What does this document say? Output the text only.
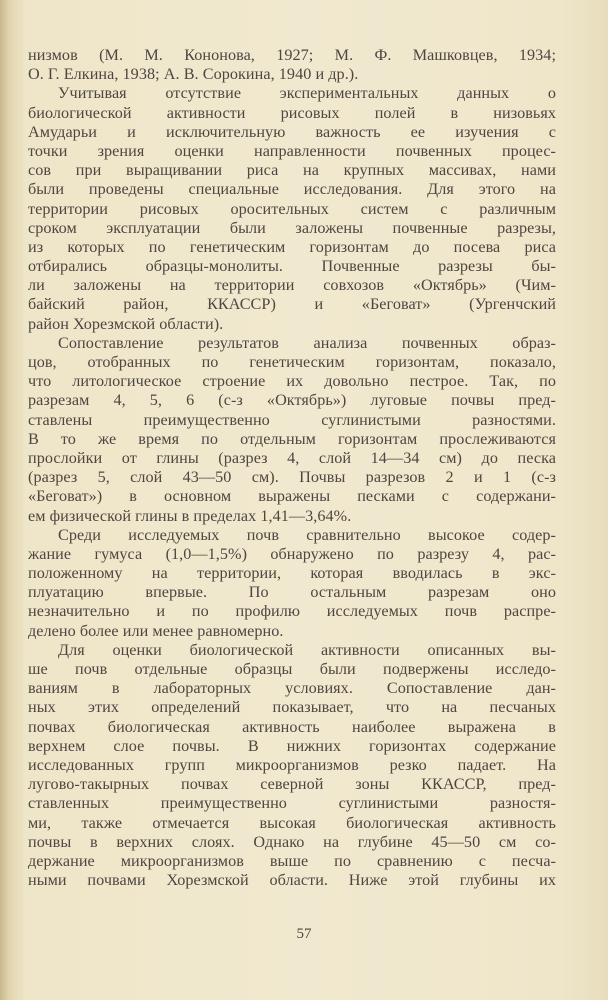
низмов (М. М. Кононова, 1927; М. Ф. Машковцев, 1934;
О. Г. Елкина, 1938; А. В. Сорокина, 1940 и др.).
Учитывая отсутствие экспериментальных данных о
биологической активности рисовых полей в низовьях
Амударьи и исключительную важность ее изучения с
точки зрения оценки направленности почвенных процес-
сов при выращивании риса на крупных массивах, нами
были проведены специальные исследования. Для этого на
территории рисовых оросительных систем с различным
сроком эксплуатации были заложены почвенные разрезы,
из которых по генетическим горизонтам до посева риса
отбирались образцы-монолиты. Почвенные разрезы бы-
ли заложены на территории совхозов «Октябрь» (Чим-
байский район, ККАССР) и «Беговат» (Ургенчский
район Хорезмской области).
Сопоставление результатов анализа почвенных образ-
цов, отобранных по генетическим горизонтам, показало,
что литологическое строение их довольно пестрое. Так, по
разрезам 4, 5, 6 (с-з «Октябрь») луговые почвы пред-
ставлены преимущественно суглинистыми разностями.
В то же время по отдельным горизонтам прослеживаются
прослойки от глины (разрез 4, слой 14—34 см) до песка
(разрез 5, слой 43—50 см). Почвы разрезов 2 и 1 (с-з
«Беговат») в основном выражены песками с содержани-
ем физической глины в пределах 1,41—3,64%.
Среди исследуемых почв сравнительно высокое содер-
жание гумуса (1,0—1,5%) обнаружено по разрезу 4, рас-
положенному на территории, которая вводилась в экс-
плуатацию впервые. По остальным разрезам оно
незначительно и по профилю исследуемых почв распре-
делено более или менее равномерно.
Для оценки биологической активности описанных вы-
ше почв отдельные образцы были подвержены исследо-
ваниям в лабораторных условиях. Сопоставление дан-
ных этих определений показывает, что на песчаных
почвах биологическая активность наиболее выражена в
верхнем слое почвы. В нижних горизонтах содержание
исследованных групп микроорганизмов резко падает. На
лугово-такырных почвах северной зоны ККАССР, пред-
ставленных преимущественно суглинистыми разностя-
ми, также отмечается высокая биологическая активность
почвы в верхних слоях. Однако на глубине 45—50 см со-
держание микроорганизмов выше по сравнению с песча-
ными почвами Хорезмской области. Ниже этой глубины их
57
